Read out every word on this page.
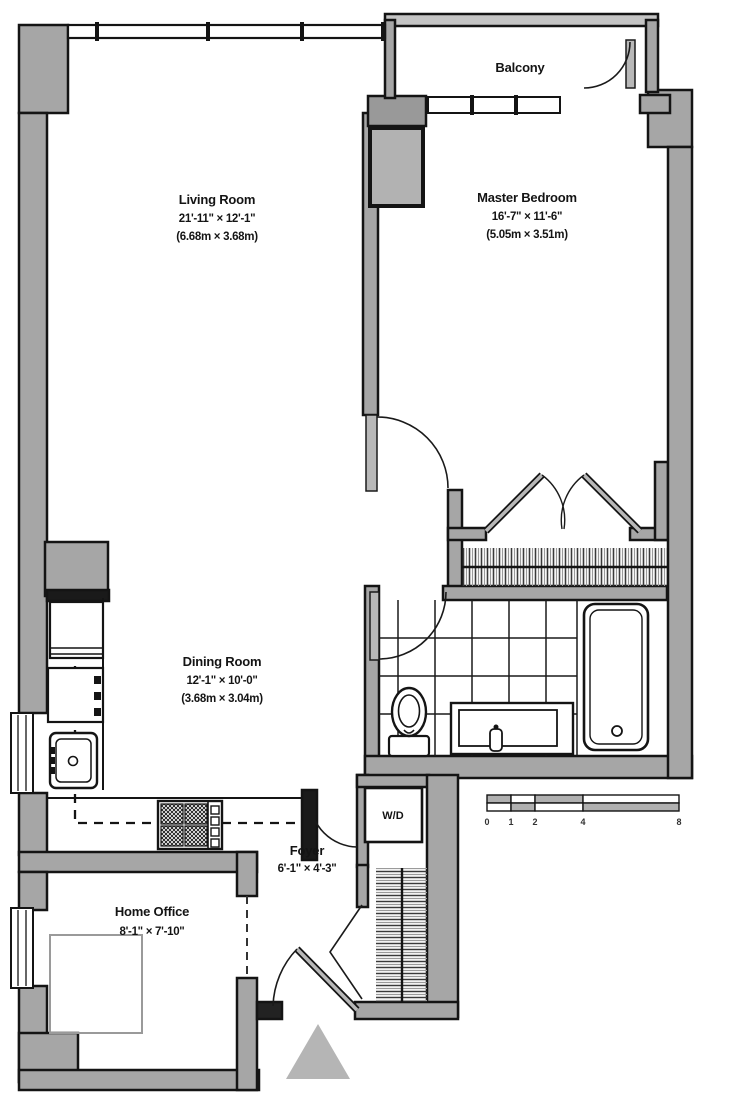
W/D	0 1 2	4	8
Balcony
Living Room
21'-11" × 12'-1"
(6.68m × 3.68m)
Master Bedroom
16'-7" × 11'-6"
(5.05m × 3.51m)
Dining Room
12'-1" × 10'-0"
(3.68m × 3.04m)
Foyer
6'-1" × 4'-3"
Home Office
8'-1" × 7'-10"
